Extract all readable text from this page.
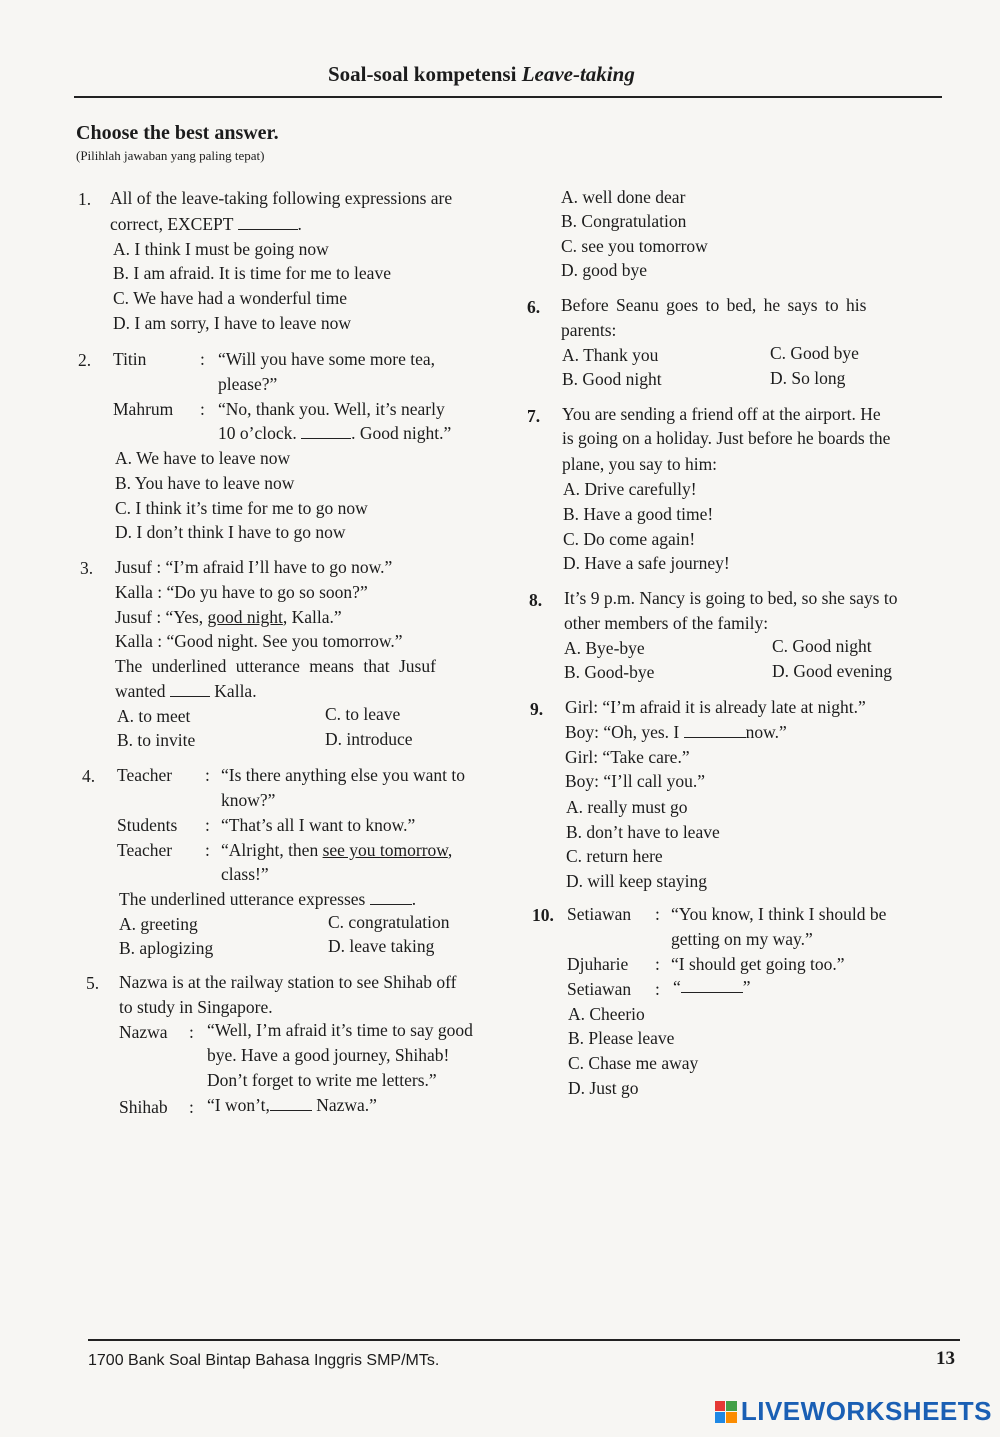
Soal-soal kompetensi Leave-taking
Choose the best answer.
(Pilihlah jawaban yang paling tepat)
1. All of the leave-taking following expressions are
correct, EXCEPT	.
A. I think I must be going now
B. I am afraid. It is time for me to leave
C. We have had a wonderful time
D. I am sorry, I have to leave now
2. Titin	: “Will you have some more tea,
please?”
Mahrum : “No, thank you. Well, it’s nearly
10 o’clock.	. Good night.”
A. We have to leave now
B. You have to leave now
C. I think it’s time for me to go now
D. I don’t think I have to go now
3. Jusuf : “I’m afraid I’ll have to go now.”
Kalla : “Do yu have to go so soon?”
Jusuf : “Yes, good night, Kalla.”
Kalla : “Good night. See you tomorrow.”
The underlined utterance means that Jusuf
wanted	Kalla.
A. to meet
B. to invite
C. to leave
D. introduce
4. Teacher : “Is there anything else you want to
know?”
Students : “That’s all I want to know.”
Teacher : “Alright, then see you tomorrow,
class!”
The underlined utterance expresses	.
A. greeting
B. aplogizing
C. congratulation
D. leave taking
5. Nazwa is at the railway station to see Shihab off
to study in Singapore.
Nazwa : “Well, I’m afraid it’s time to say good
bye. Have a good journey, Shihab!
Don’t forget to write me letters.”
Shihab : “I won’t,	Nazwa.”
A. well done dear
B. Congratulation
C. see you tomorrow
D. good bye
6. Before Seanu goes to bed, he says to his
parents:
A. Thank you
B. Good night
C. Good bye
D. So long
7. You are sending a friend off at the airport. He
is going on a holiday. Just before he boards the
plane, you say to him:
A. Drive carefully!
B. Have a good time!
C. Do come again!
D. Have a safe journey!
8. It’s 9 p.m. Nancy is going to bed, so she says to
other members of the family:
A. Bye-bye
B. Good-bye
C. Good night
D. Good evening
9. Girl: “I’m afraid it is already late at night.”
Boy: “Oh, yes. I	now.”
Girl: “Take care.”
Boy: “I’ll call you.”
A. really must go
B. don’t have to leave
C. return here
D. will keep staying
10. Setiawan : “You know, I think I should be
getting on my way.”
Djuharie : “I should get going too.”
Setiawan : “	”
A. Cheerio
B. Please leave
C. Chase me away
D. Just go
1700 Bank Soal Bintap Bahasa Inggris SMP/MTs.	13
LIVEWORKSHEETS
